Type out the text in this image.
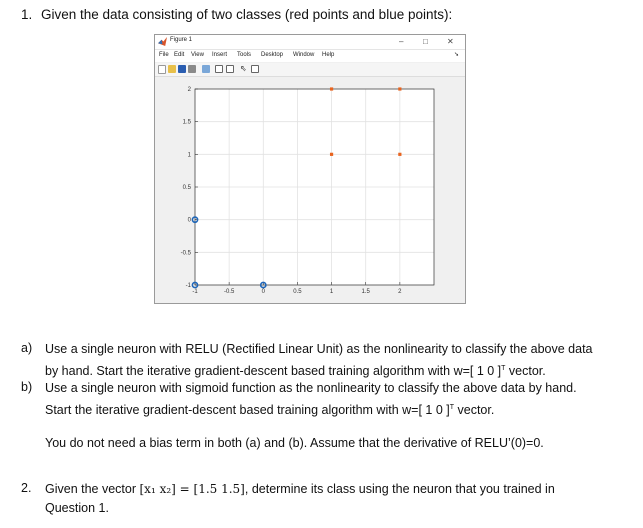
1. Given the data consisting of two classes (red points and blue points):
Figure 1	– □ ✕
File Edit View Insert Tools Desktop Window Help	➘
⇖
-1	-0.5	0	0.5	1	1.5	2
-1
-0.5
0
0.5
1
1.5
2
a) Use a single neuron with RELU (Rectified Linear Unit) as the nonlinearity to classify the above data
by hand. Start the iterative gradient-descent based training algorithm with w=[ 1 0 ]$^T$ vector.
b) Use a single neuron with sigmoid function as the nonlinearity to classify the above data by hand.
Start the iterative gradient-descent based training algorithm with w=[ 1 0 ]$^T$ vector.
You do not need a bias term in both (a) and (b). Assume that the derivative of RELU’(0)=0.
2. Given the vector [x₁ x₂] = [1.5 1.5], determine its class using the neuron that you trained in
Question 1.
